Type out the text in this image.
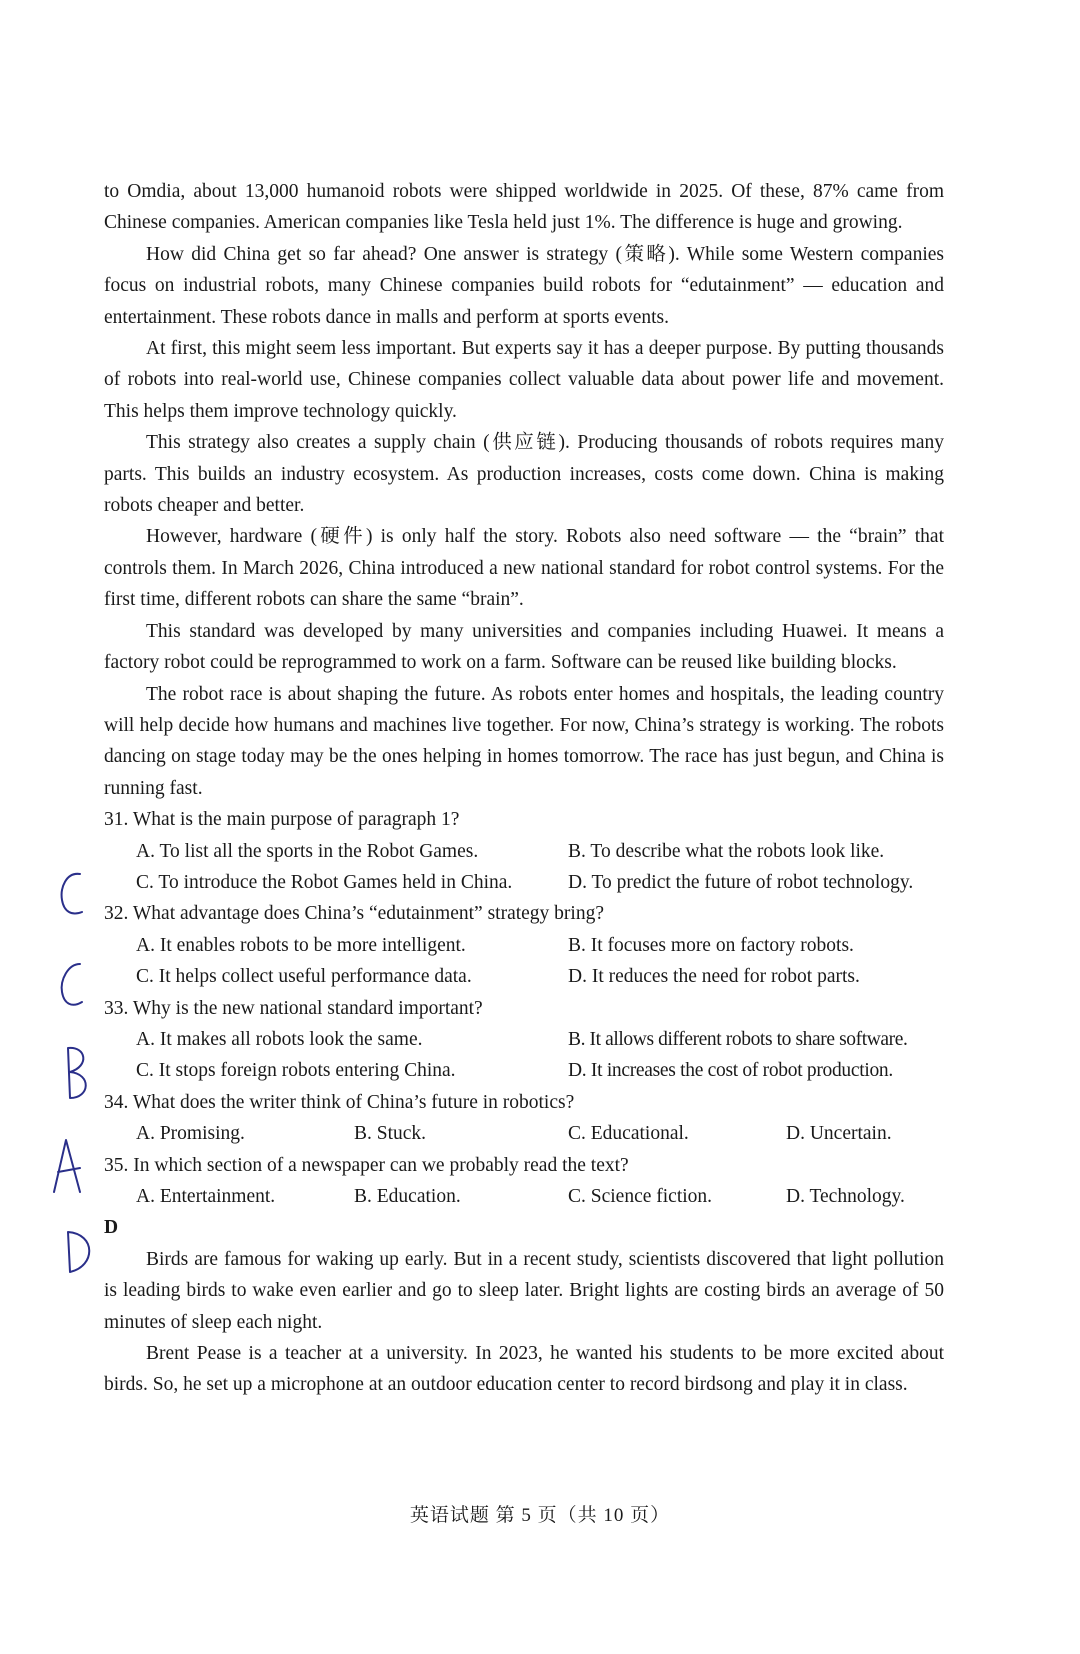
to Omdia, about 13,000 humanoid robots were shipped worldwide in 2025. Of these, 87% came from Chinese companies. American companies like Tesla held just 1%. The difference is huge and growing.

How did China get so far ahead? One answer is strategy (策略). While some Western companies focus on industrial robots, many Chinese companies build robots for “edutainment” — education and entertainment. These robots dance in malls and perform at sports events.

At first, this might seem less important. But experts say it has a deeper purpose. By putting thousands of robots into real-world use, Chinese companies collect valuable data about power life and movement. This helps them improve technology quickly.

This strategy also creates a supply chain (供应链). Producing thousands of robots requires many parts. This builds an industry ecosystem. As production increases, costs come down. China is making robots cheaper and better.

However, hardware (硬件) is only half the story. Robots also need software — the “brain” that controls them. In March 2026, China introduced a new national standard for robot control systems. For the first time, different robots can share the same “brain”.

This standard was developed by many universities and companies including Huawei. It means a factory robot could be reprogrammed to work on a farm. Software can be reused like building blocks.

The robot race is about shaping the future. As robots enter homes and hospitals, the leading country will help decide how humans and machines live together. For now, China’s strategy is working. The robots dancing on stage today may be the ones helping in homes tomorrow. The race has just begun, and China is running fast.

31. What is the main purpose of paragraph 1?

A. To list all the sports in the Robot Games.	B. To describe what the robots look like.
C. To introduce the Robot Games held in China.	D. To predict the future of robot technology.

32. What advantage does China’s “edutainment” strategy bring?

A. It enables robots to be more intelligent.	B. It focuses more on factory robots.
C. It helps collect useful performance data.	D. It reduces the need for robot parts.

33. Why is the new national standard important?

A. It makes all robots look the same.	B. It allows different robots to share software.
C. It stops foreign robots entering China.	D. It increases the cost of robot production.

34. What does the writer think of China’s future in robotics?

A. Promising.	B. Stuck.	C. Educational.	D. Uncertain.

35. In which section of a newspaper can we probably read the text?

A. Entertainment.	B. Education.	C. Science fiction.	D. Technology.

D

Birds are famous for waking up early. But in a recent study, scientists discovered that light pollution is leading birds to wake even earlier and go to sleep later. Bright lights are costing birds an average of 50 minutes of sleep each night.

Brent Pease is a teacher at a university. In 2023, he wanted his students to be more excited about birds. So, he set up a microphone at an outdoor education center to record birdsong and play it in class.

英语试题 第 5 页（共 10 页）
